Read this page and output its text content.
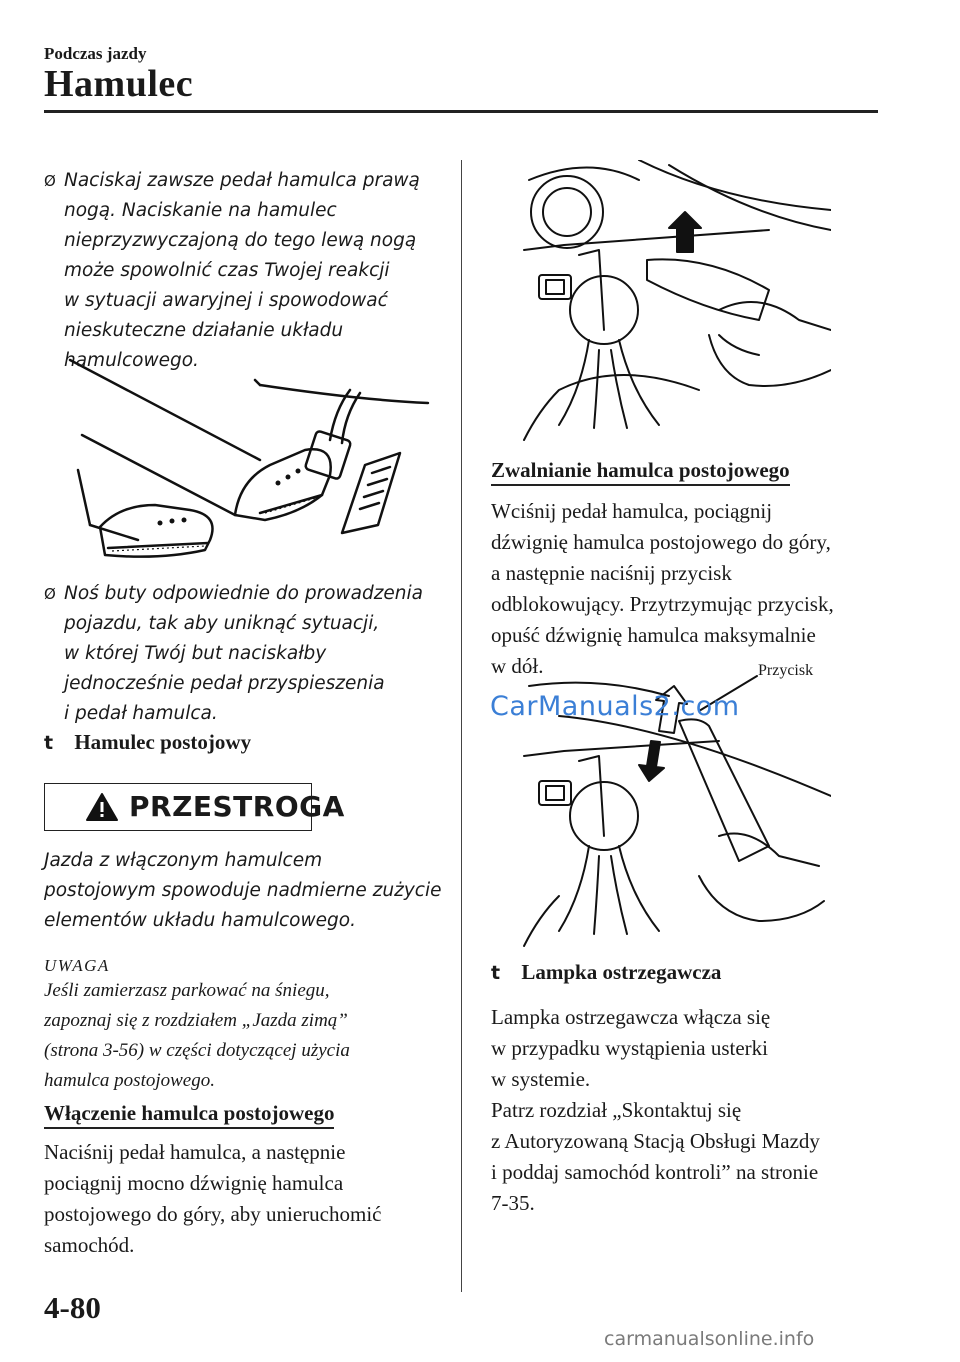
Podczas jazdy
Hamulec
Ø Naciskaj zawsze pedał hamulca prawą
nogą. Naciskanie na hamulec
nieprzyzwyczajoną do tego lewą nogą
może spowolnić czas Twojej reakcji
w sytuacji awaryjnej i spowodować
nieskuteczne działanie układu
hamulcowego.
Ø Noś buty odpowiednie do prowadzenia
pojazdu, tak aby uniknąć sytuacji,
w której Twój but naciskałby
jednocześnie pedał przyspieszenia
i pedał hamulca.
t Hamulec postojowy
PRZESTROGA
Jazda z włączonym hamulcem
postojowym spowoduje nadmierne zużycie
elementów układu hamulcowego.
UWAGA
Jeśli zamierzasz parkować na śniegu,
zapoznaj się z rozdziałem „Jazda zimą”
(strona 3-56) w części dotyczącej użycia
hamulca postojowego.
Włączenie hamulca postojowego
Naciśnij pedał hamulca, a następnie
pociągnij mocno dźwignię hamulca
postojowego do góry, aby unieruchomić
samochód.
Zwalnianie hamulca postojowego
Wciśnij pedał hamulca, pociągnij
dźwignię hamulca postojowego do góry,
a następnie naciśnij przycisk
odblokowujący. Przytrzymując przycisk,
opuść dźwignię hamulca maksymalnie
w dół.	Przycisk
CarManuals2.com
t Lampka ostrzegawcza
Lampka ostrzegawcza włącza się
w przypadku wystąpienia usterki
w systemie.
Patrz rozdział „Skontaktuj się
z Autoryzowaną Stacją Obsługi Mazdy
i poddaj samochód kontroli” na stronie
7-35.
4-80
carmanualsonline.info
